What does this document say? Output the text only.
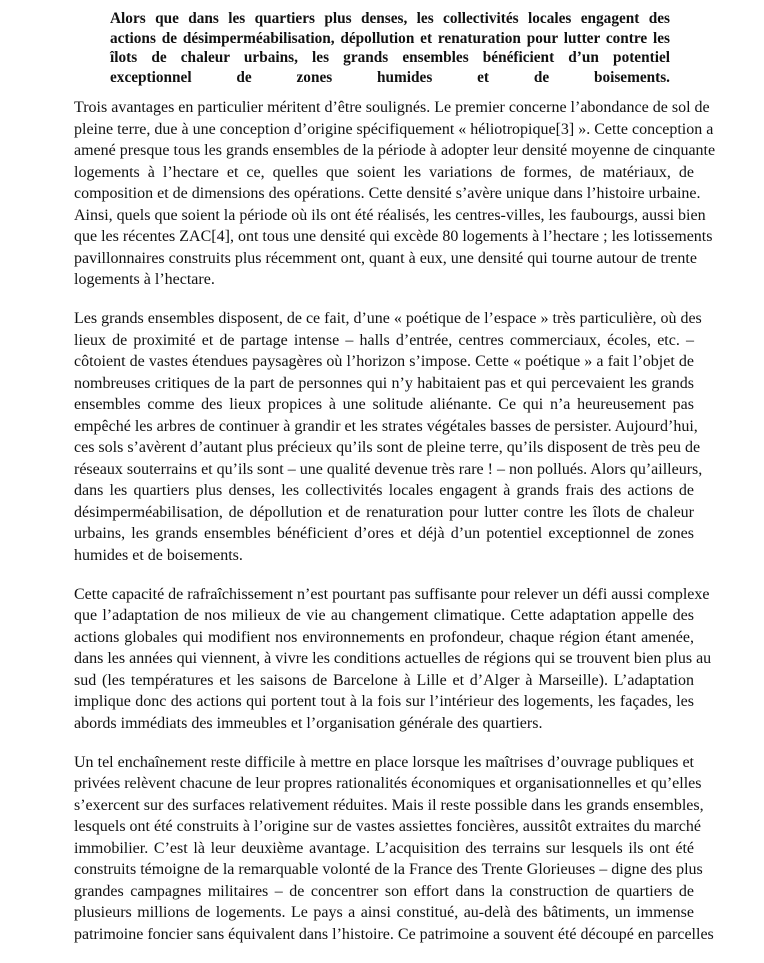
Alors que dans les quartiers plus denses, les collectivités locales engagent des
actions de désimperméabilisation, dépollution et renaturation pour lutter contre les
îlots de chaleur urbains, les grands ensembles bénéficient d’un potentiel
exceptionnel de zones humides et de boisements.

Trois avantages en particulier méritent d’être soulignés. Le premier concerne l’abondance de sol de
pleine terre, due à une conception d’origine spécifiquement « héliotropique[3] ». Cette conception a
amené presque tous les grands ensembles de la période à adopter leur densité moyenne de cinquante
logements à l’hectare et ce, quelles que soient les variations de formes, de matériaux, de
composition et de dimensions des opérations. Cette densité s’avère unique dans l’histoire urbaine.
Ainsi, quels que soient la période où ils ont été réalisés, les centres-villes, les faubourgs, aussi bien
que les récentes ZAC[4], ont tous une densité qui excède 80 logements à l’hectare ; les lotissements
pavillonnaires construits plus récemment ont, quant à eux, une densité qui tourne autour de trente
logements à l’hectare.

Les grands ensembles disposent, de ce fait, d’une « poétique de l’espace » très particulière, où des
lieux de proximité et de partage intense – halls d’entrée, centres commerciaux, écoles, etc. –
côtoient de vastes étendues paysagères où l’horizon s’impose. Cette « poétique » a fait l’objet de
nombreuses critiques de la part de personnes qui n’y habitaient pas et qui percevaient les grands
ensembles comme des lieux propices à une solitude aliénante. Ce qui n’a heureusement pas
empêché les arbres de continuer à grandir et les strates végétales basses de persister. Aujourd’hui,
ces sols s’avèrent d’autant plus précieux qu’ils sont de pleine terre, qu’ils disposent de très peu de
réseaux souterrains et qu’ils sont – une qualité devenue très rare ! – non pollués. Alors qu’ailleurs,
dans les quartiers plus denses, les collectivités locales engagent à grands frais des actions de
désimperméabilisation, de dépollution et de renaturation pour lutter contre les îlots de chaleur
urbains, les grands ensembles bénéficient d’ores et déjà d’un potentiel exceptionnel de zones
humides et de boisements.

Cette capacité de rafraîchissement n’est pourtant pas suffisante pour relever un défi aussi complexe
que l’adaptation de nos milieux de vie au changement climatique. Cette adaptation appelle des
actions globales qui modifient nos environnements en profondeur, chaque région étant amenée,
dans les années qui viennent, à vivre les conditions actuelles de régions qui se trouvent bien plus au
sud (les températures et les saisons de Barcelone à Lille et d’Alger à Marseille). L’adaptation
implique donc des actions qui portent tout à la fois sur l’intérieur des logements, les façades, les
abords immédiats des immeubles et l’organisation générale des quartiers.

Un tel enchaînement reste difficile à mettre en place lorsque les maîtrises d’ouvrage publiques et
privées relèvent chacune de leur propres rationalités économiques et organisationnelles et qu’elles
s’exercent sur des surfaces relativement réduites. Mais il reste possible dans les grands ensembles,
lesquels ont été construits à l’origine sur de vastes assiettes foncières, aussitôt extraites du marché
immobilier. C’est là leur deuxième avantage. L’acquisition des terrains sur lesquels ils ont été
construits témoigne de la remarquable volonté de la France des Trente Glorieuses – digne des plus
grandes campagnes militaires – de concentrer son effort dans la construction de quartiers de
plusieurs millions de logements. Le pays a ainsi constitué, au-delà des bâtiments, un immense
patrimoine foncier sans équivalent dans l’histoire. Ce patrimoine a souvent été découpé en parcelles
